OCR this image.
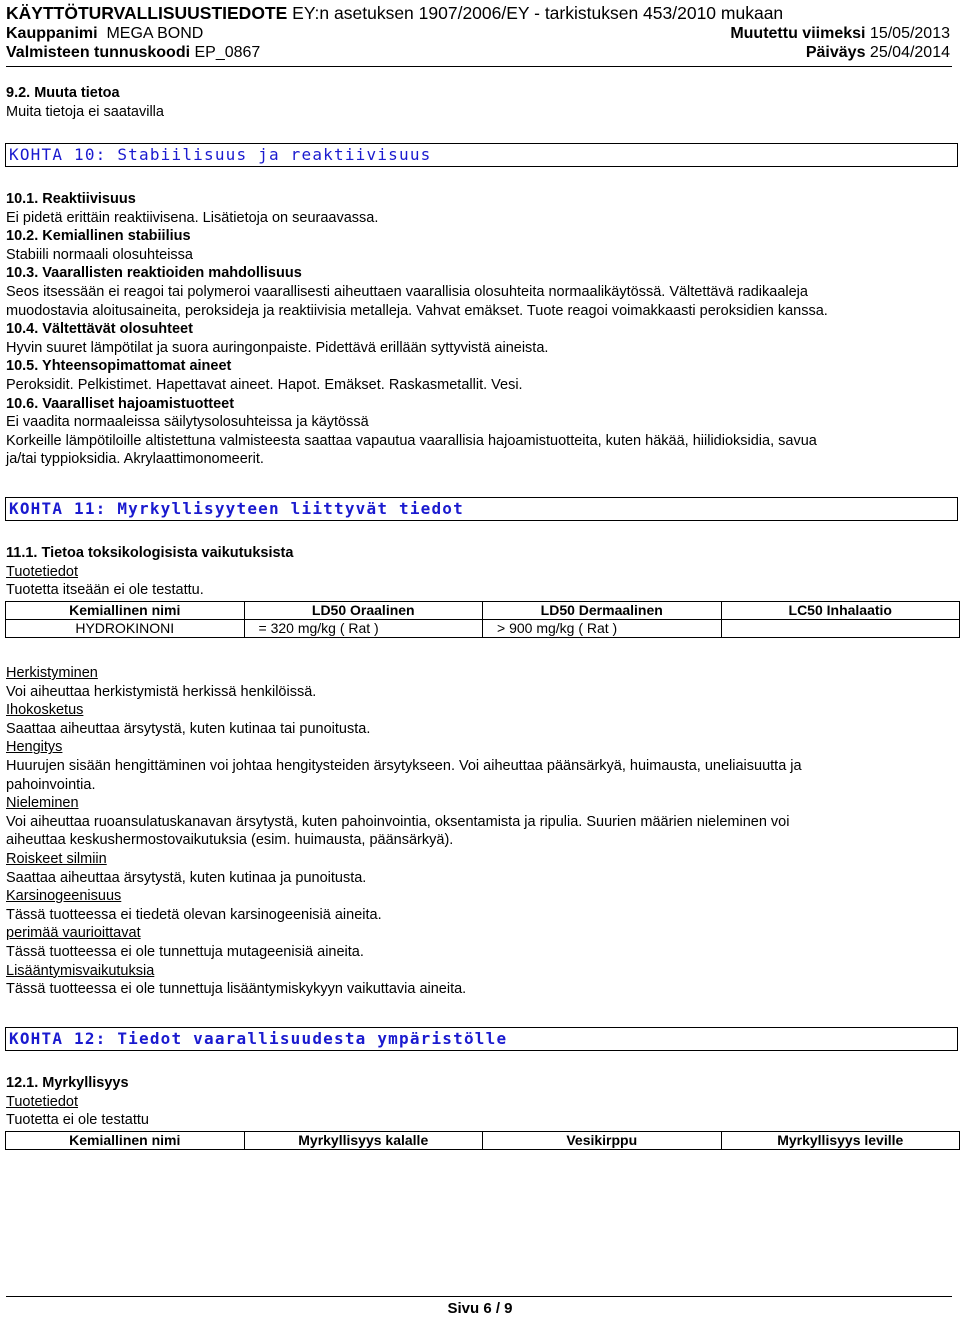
KÄYTTÖTURVALLISUUSTIEDOTE EY:n asetuksen 1907/2006/EY - tarkistuksen 453/2010 mukaan
Kauppanimi MEGA BOND	Muutettu viimeksi 15/05/2013
Valmisteen tunnuskoodi EP_0867	Päiväys 25/04/2014
9.2. Muuta tietoa
Muita tietoja ei saatavilla
KOHTA 10: Stabiilisuus ja reaktiivisuus
10.1. Reaktiivisuus
Ei pidetä erittäin reaktiivisena. Lisätietoja on seuraavassa.
10.2. Kemiallinen stabiilius
Stabiili normaali olosuhteissa
10.3. Vaarallisten reaktioiden mahdollisuus
Seos itsessään ei reagoi tai polymeroi vaarallisesti aiheuttaen vaarallisia olosuhteita normaalikäytössä. Vältettävä radikaaleja
muodostavia aloitusaineita, peroksideja ja reaktiivisia metalleja. Vahvat emäkset. Tuote reagoi voimakkaasti peroksidien kanssa.
10.4. Vältettävät olosuhteet
Hyvin suuret lämpötilat ja suora auringonpaiste. Pidettävä erillään syttyvistä aineista.
10.5. Yhteensopimattomat aineet
Peroksidit. Pelkistimet. Hapettavat aineet. Hapot. Emäkset. Raskasmetallit. Vesi.
10.6. Vaaralliset hajoamistuotteet
Ei vaadita normaaleissa säilytysolosuhteissa ja käytössä
Korkeille lämpötiloille altistettuna valmisteesta saattaa vapautua vaarallisia hajoamistuotteita, kuten häkää, hiilidioksidia, savua
ja/tai typpioksidia. Akrylaattimonomeerit.
KOHTA 11: Myrkyllisyyteen liittyvät tiedot
11.1. Tietoa toksikologisista vaikutuksista
Tuotetiedot
Tuotetta itseään ei ole testattu.
Kemiallinen nimi	LD50 Oraalinen	LD50 Dermaalinen	LC50 Inhalaatio
HYDROKINONI	= 320 mg/kg ( Rat )	> 900 mg/kg ( Rat )	
Herkistyminen
Voi aiheuttaa herkistymistä herkissä henkilöissä.
Ihokosketus
Saattaa aiheuttaa ärsytystä, kuten kutinaa tai punoitusta.
Hengitys
Huurujen sisään hengittäminen voi johtaa hengitysteiden ärsytykseen. Voi aiheuttaa päänsärkyä, huimausta, uneliaisuutta ja
pahoinvointia.
Nieleminen
Voi aiheuttaa ruoansulatuskanavan ärsytystä, kuten pahoinvointia, oksentamista ja ripulia. Suurien määrien nieleminen voi
aiheuttaa keskushermostovaikutuksia (esim. huimausta, päänsärkyä).
Roiskeet silmiin
Saattaa aiheuttaa ärsytystä, kuten kutinaa ja punoitusta.
Karsinogeenisuus
Tässä tuotteessa ei tiedetä olevan karsinogeenisiä aineita.
perimää vaurioittavat
Tässä tuotteessa ei ole tunnettuja mutageenisiä aineita.
Lisääntymisvaikutuksia
Tässä tuotteessa ei ole tunnettuja lisääntymiskykyyn vaikuttavia aineita.
KOHTA 12: Tiedot vaarallisuudesta ympäristölle
12.1. Myrkyllisyys
Tuotetiedot
Tuotetta ei ole testattu
Kemiallinen nimi	Myrkyllisyys kalalle	Vesikirppu	Myrkyllisyys leville
Sivu 6 / 9
